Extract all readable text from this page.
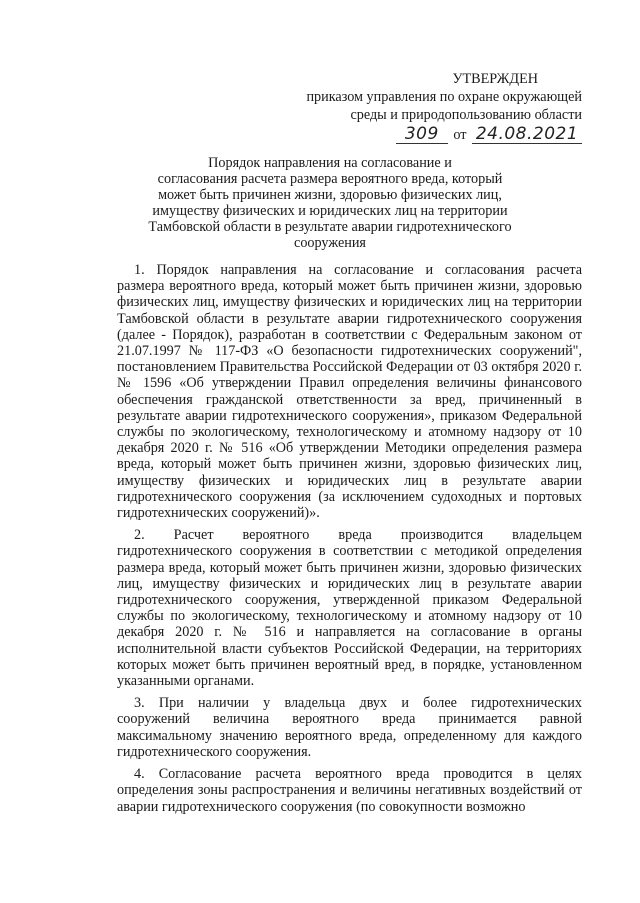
УТВЕРЖДЕН
приказом управления по охране окружающей
среды и природопользованию области
309 от 24.08.2021
Порядок направления на согласование и
согласования расчета размера вероятного вреда, который
может быть причинен жизни, здоровью физических лиц,
имуществу физических и юридических лиц на территории
Тамбовской области в результате аварии гидротехнического
сооружения
1. Порядок направления на согласование и согласования расчета
размера вероятного вреда, который может быть причинен жизни, здоровью
физических лиц, имуществу физических и юридических лиц на территории
Тамбовской области в результате аварии гидротехнического сооружения
(далее - Порядок), разработан в соответствии с Федеральным законом от
21.07.1997 № 117-ФЗ «О безопасности гидротехнических сооружений",
постановлением Правительства Российской Федерации от 03 октября 2020 г.
№ 1596 «Об утверждении Правил определения величины финансового
обеспечения гражданской ответственности за вред, причиненный в
результате аварии гидротехнического сооружения», приказом Федеральной
службы по экологическому, технологическому и атомному надзору от 10
декабря 2020 г. № 516 «Об утверждении Методики определения размера
вреда, который может быть причинен жизни, здоровью физических лиц,
имуществу физических и юридических лиц в результате аварии
гидротехнического сооружения (за исключением судоходных и портовых
гидротехнических сооружений)».
2. Расчет вероятного вреда производится владельцем
гидротехнического сооружения в соответствии с методикой определения
размера вреда, который может быть причинен жизни, здоровью физических
лиц, имуществу физических и юридических лиц в результате аварии
гидротехнического сооружения, утвержденной приказом Федеральной
службы по экологическому, технологическому и атомному надзору от 10
декабря 2020 г. № 516 и направляется на согласование в органы
исполнительной власти субъектов Российской Федерации, на территориях
которых может быть причинен вероятный вред, в порядке, установленном
указанными органами.
3. При наличии у владельца двух и более гидротехнических
сооружений величина вероятного вреда принимается равной
максимальному значению вероятного вреда, определенному для каждого
гидротехнического сооружения.
4. Согласование расчета вероятного вреда проводится в целях
определения зоны распространения и величины негативных воздействий от
аварии гидротехнического сооружения (по совокупности возможно
